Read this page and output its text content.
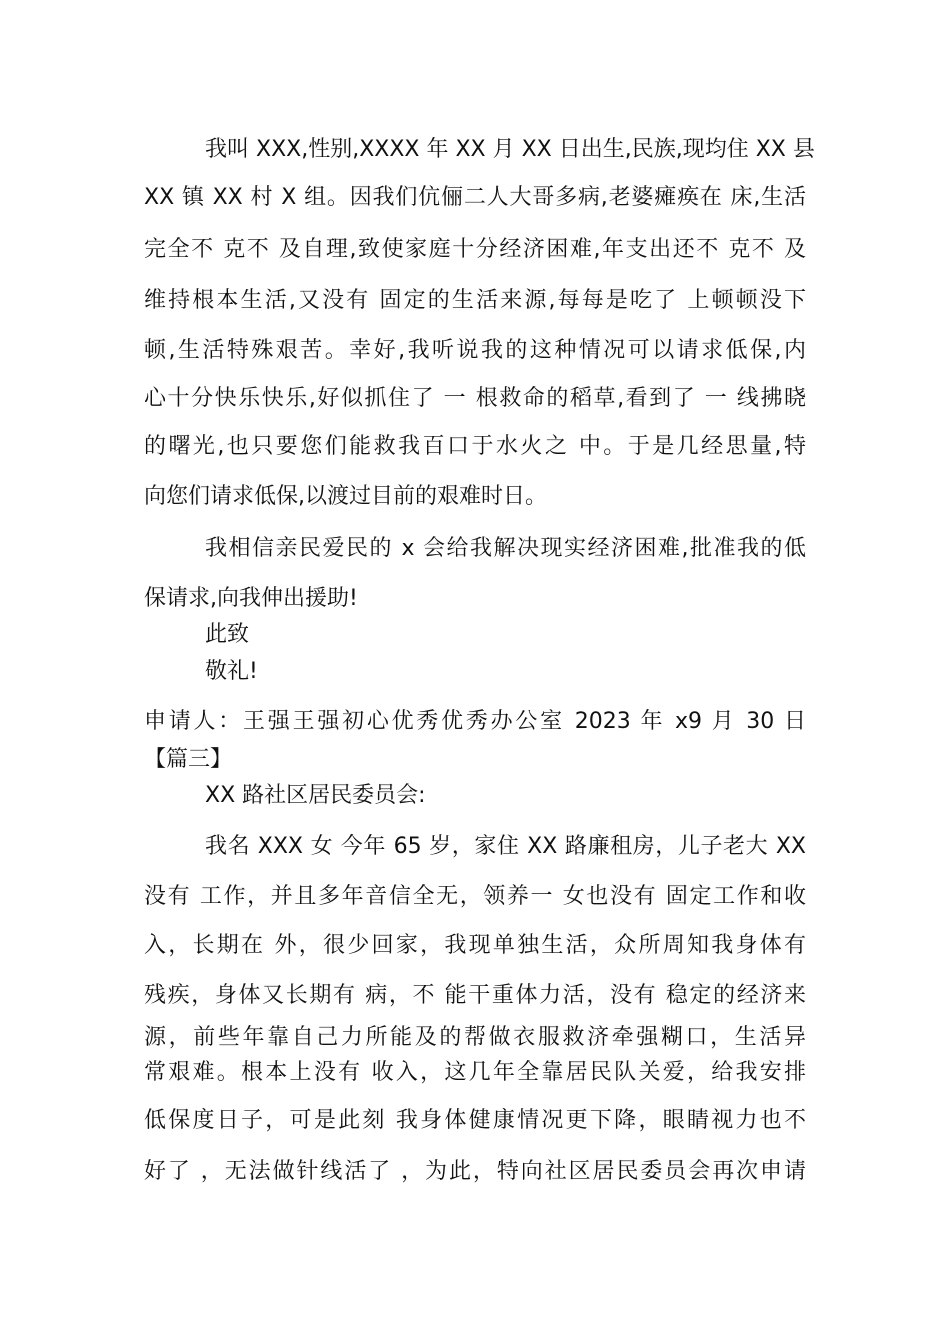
我叫 XXX,性别,XXXX 年 XX 月 XX 日出生,民族,现均住 XX 县
XX 镇 XX 村 X 组。因我们伉俪二人大哥多病,老婆瘫痪在 床,生活
完全不 克不 及自理,致使家庭十分经济困难,年支出还不 克不 及
维持根本生活,又没有 固定的生活来源,每每是吃了 上顿顿没下
顿,生活特殊艰苦。幸好,我听说我的这种情况可以请求低保,内
心十分快乐快乐,好似抓住了 一 根救命的稻草,看到了 一 线拂晓
的曙光,也只要您们能救我百口于水火之 中。于是几经思量,特
向您们请求低保,以渡过目前的艰难时日。
我相信亲民爱民的 x 会给我解决现实经济困难,批准我的低
保请求,向我伸出援助!
此致
敬礼!
申请人：王强王强初心优秀优秀办公室 2023 年 x9 月 30 日
【篇三】
XX 路社区居民委员会:
我名 XXX 女 今年 65 岁，家住 XX 路廉租房，儿子老大 XX
没有 工作，并且多年音信全无，领养一 女也没有 固定工作和收
入，长期在 外，很少回家，我现单独生活，众所周知我身体有
残疾，身体又长期有 病，不 能干重体力活，没有 稳定的经济来
源，前些年靠自己力所能及的帮做衣服救济牵强糊口，生活异
常艰难。根本上没有 收入，这几年全靠居民队关爱，给我安排
低保度日子，可是此刻 我身体健康情况更下降，眼睛视力也不
好了 ，无法做针线活了 ，为此，特向社区居民委员会再次申请
